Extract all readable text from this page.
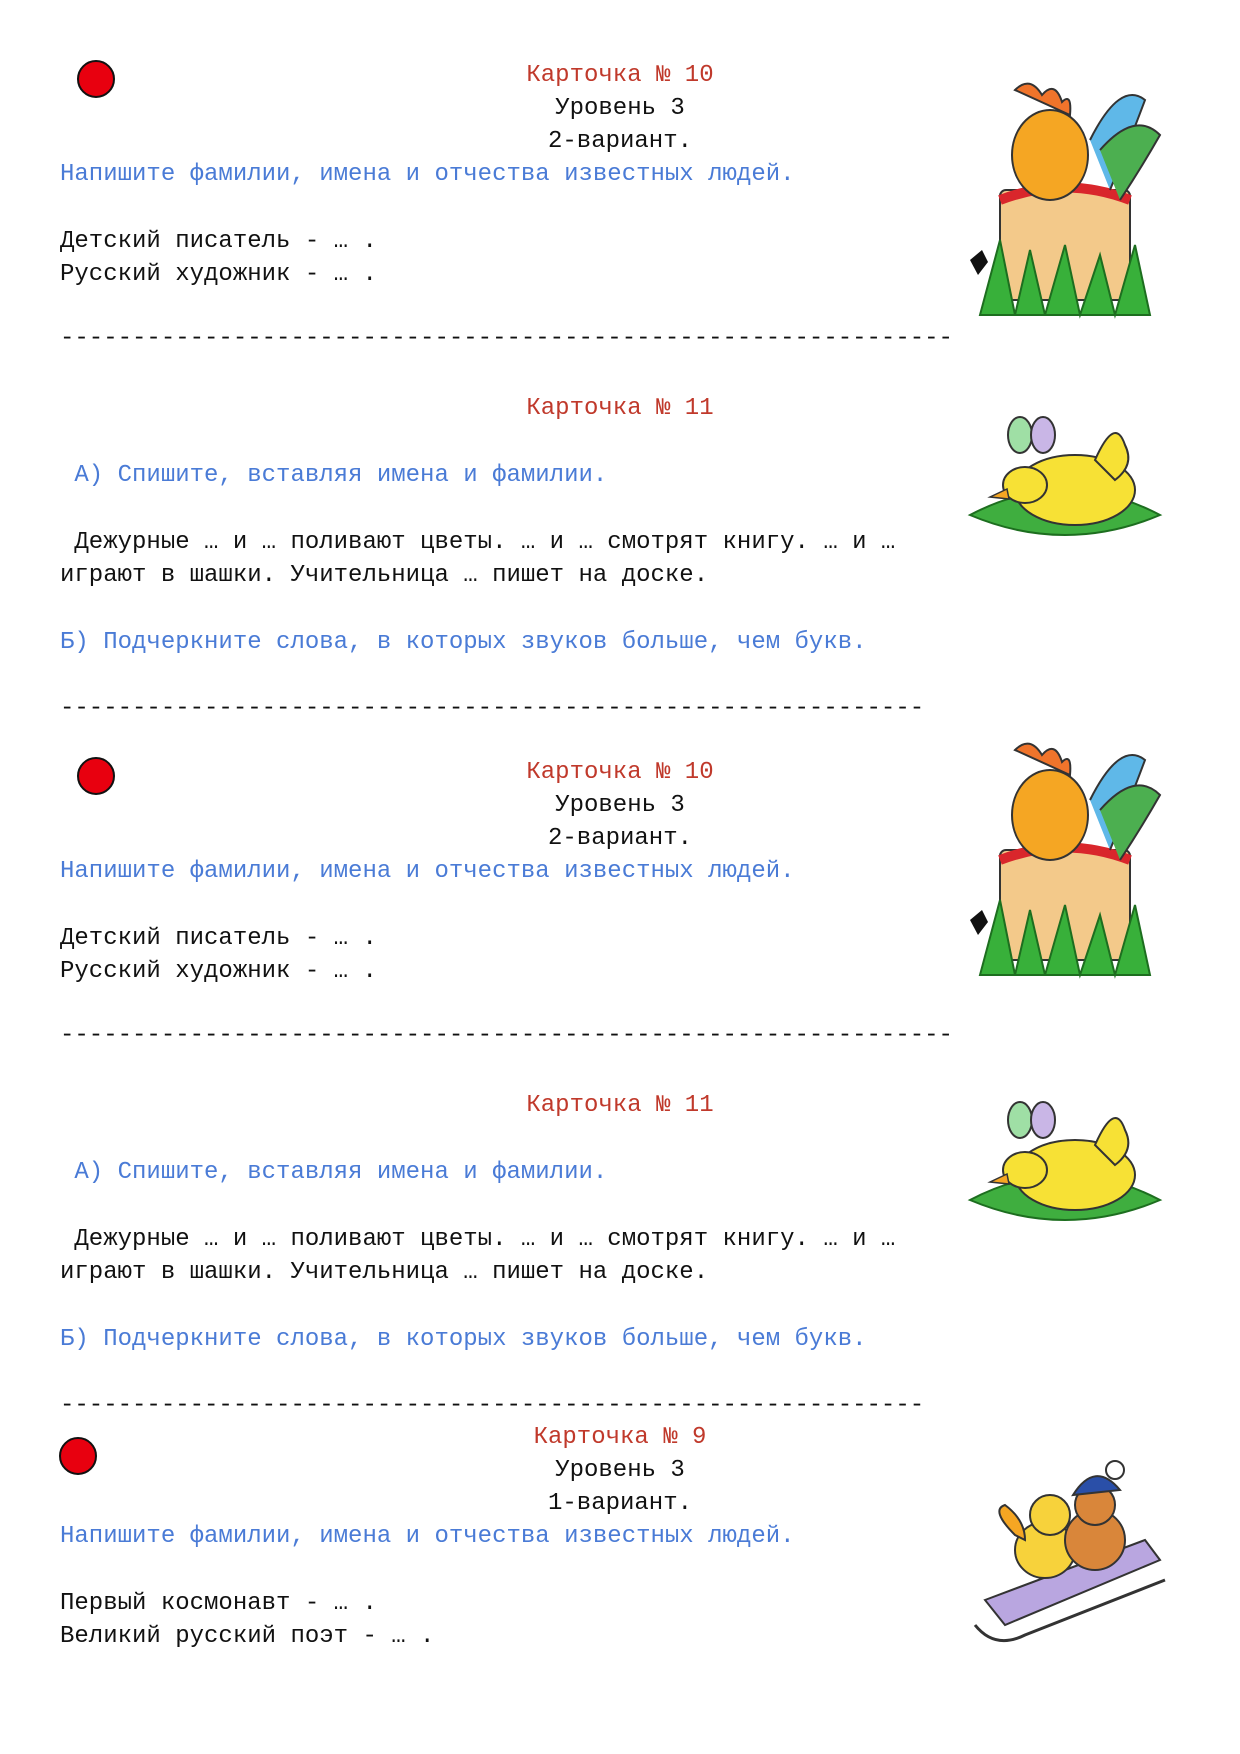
Карточка № 10
Уровень 3
2-вариант.
Напишите фамилии, имена и отчества известных людей.
Детский писатель - … .
Русский художник - … .
--------------------------------------------------------------
Карточка № 11
А) Спишите, вставляя имена и фамилии.
Дежурные … и … поливают цветы. … и … смотрят книгу. … и …
играют в шашки. Учительница … пишет на доске.
Б) Подчеркните слова, в которых звуков больше, чем букв.
------------------------------------------------------------
Карточка № 10
Уровень 3
2-вариант.
Напишите фамилии, имена и отчества известных людей.
Детский писатель - … .
Русский художник - … .
--------------------------------------------------------------
Карточка № 11
А) Спишите, вставляя имена и фамилии.
Дежурные … и … поливают цветы. … и … смотрят книгу. … и …
играют в шашки. Учительница … пишет на доске.
Б) Подчеркните слова, в которых звуков больше, чем букв.
------------------------------------------------------------
Карточка № 9
Уровень 3
1-вариант.
Напишите фамилии, имена и отчества известных людей.
Первый космонавт - … .
Великий русский поэт - … .
